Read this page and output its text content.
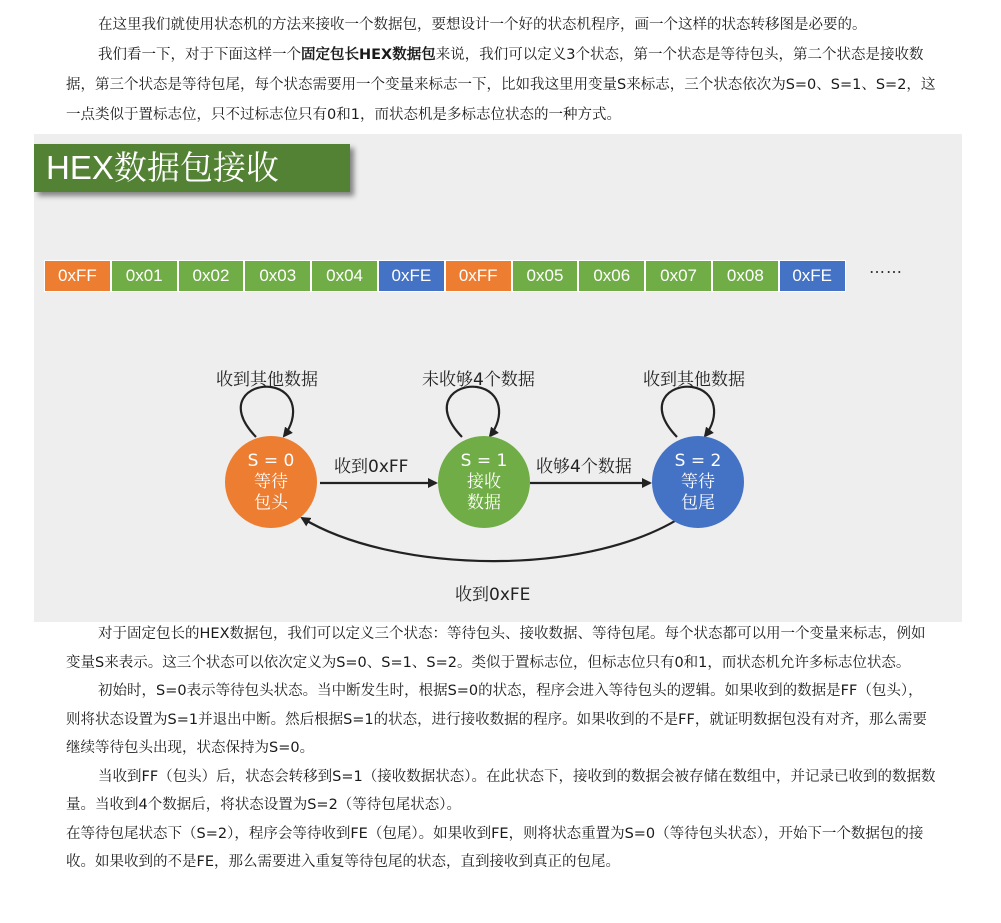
在这里我们就使用状态机的方法来接收一个数据包，要想设计一个好的状态机程序，画一个这样的状态转移图是必要的。
我们看一下，对于下面这样一个固定包长HEX数据包来说，我们可以定义3个状态，第一个状态是等待包头，第二个状态是接收数据，第三个状态是等待包尾，每个状态需要用一个变量来标志一下，比如我这里用变量S来标志，三个状态依次为S=0、S=1、S=2，这一点类似于置标志位，只不过标志位只有0和1，而状态机是多标志位状态的一种方式。
HEX数据包接收
0xFF	0x01	0x02	0x03	0x04	0xFE	0xFF	0x05	0x06	0x07	0x08	0xFE	……
收到其他数据	未收够4个数据	收到其他数据
收到0xFF	收够4个数据
收到0xFE
S = 0
等待
包头
S = 1
接收
数据
S = 2
等待
包尾
对于固定包长的HEX数据包，我们可以定义三个状态：等待包头、接收数据、等待包尾。每个状态都可以用一个变量来标志，例如变量S来表示。这三个状态可以依次定义为S=0、S=1、S=2。类似于置标志位，但标志位只有0和1，而状态机允许多标志位状态。
初始时，S=0表示等待包头状态。当中断发生时，根据S=0的状态，程序会进入等待包头的逻辑。如果收到的数据是FF（包头），则将状态设置为S=1并退出中断。然后根据S=1的状态，进行接收数据的程序。如果收到的不是FF，就证明数据包没有对齐，那么需要继续等待包头出现，状态保持为S=0。
当收到FF（包头）后，状态会转移到S=1（接收数据状态）。在此状态下，接收到的数据会被存储在数组中，并记录已收到的数据数量。当收到4个数据后，将状态设置为S=2（等待包尾状态）。
在等待包尾状态下（S=2），程序会等待收到FE（包尾）。如果收到FE，则将状态重置为S=0（等待包头状态），开始下一个数据包的接收。如果收到的不是FE，那么需要进入重复等待包尾的状态，直到接收到真正的包尾。
